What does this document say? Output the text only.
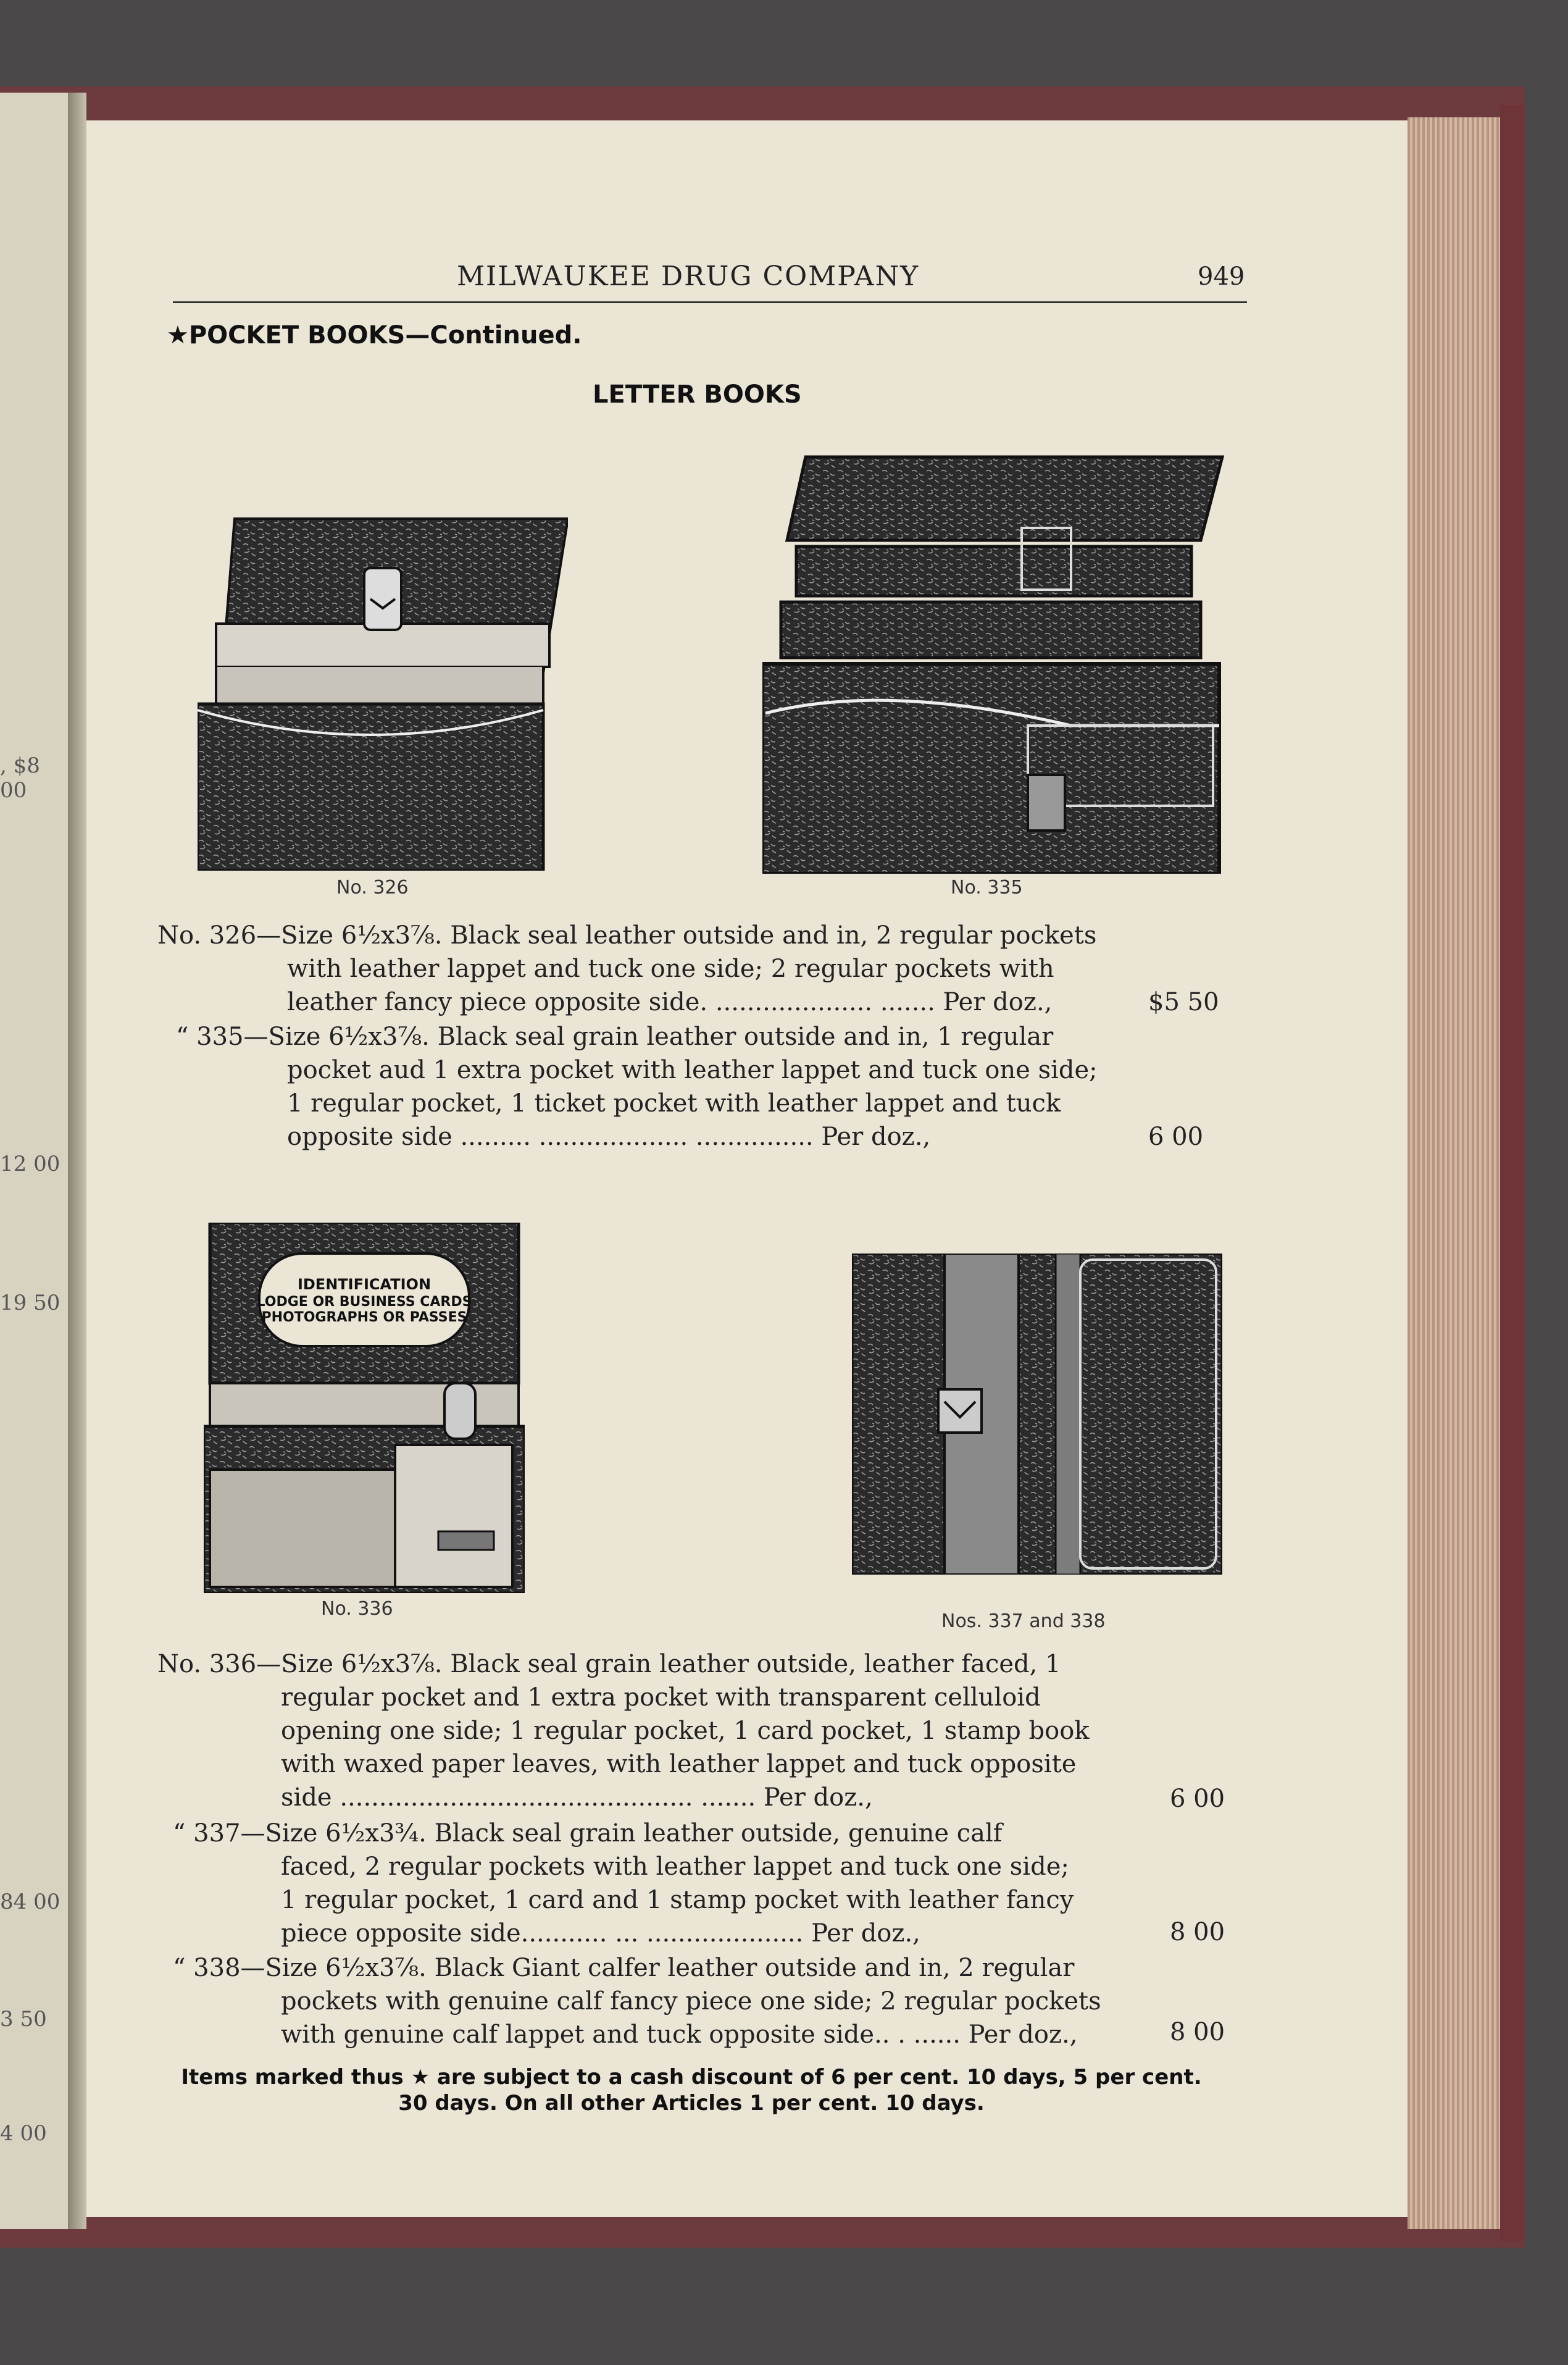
, $8 00
12 00
19 50
84 00
3 50
4 00
MILWAUKEE DRUG COMPANY	949
★POCKET BOOKS—Continued.
LETTER BOOKS
No. 326	No. 335
No. 326—Size 6½x3⅞. Black seal leather outside and in, 2 regular pockets
with leather lappet and tuck one side; 2 regular pockets with
leather fancy piece opposite side. .................... ....... Per doz.,	$5 50
“ 335—Size 6½x3⅞. Black seal grain leather outside and in, 1 regular
pocket aud 1 extra pocket with leather lappet and tuck one side;
1 regular pocket, 1 ticket pocket with leather lappet and tuck
opposite side ......... ................... ............... Per doz.,	6 00
IDENTIFICATION
LODGE OR BUSINESS CARDS
PHOTOGRAPHS OR PASSES
No. 336
Nos. 337 and 338
No. 336—Size 6½x3⅞. Black seal grain leather outside, leather faced, 1
regular pocket and 1 extra pocket with transparent celluloid
opening one side; 1 regular pocket, 1 card pocket, 1 stamp book
with waxed paper leaves, with leather lappet and tuck opposite
side ............................................. ....... Per doz.,	6 00
“ 337—Size 6½x3¾. Black seal grain leather outside, genuine calf
faced, 2 regular pockets with leather lappet and tuck one side;
1 regular pocket, 1 card and 1 stamp pocket with leather fancy
piece opposite side........... ... .................... Per doz.,	8 00
“ 338—Size 6½x3⅞. Black Giant calfer leather outside and in, 2 regular
pockets with genuine calf fancy piece one side; 2 regular pockets
with genuine calf lappet and tuck opposite side.. . ...... Per doz.,	8 00
Items marked thus ★ are subject to a cash discount of 6 per cent. 10 days, 5 per cent.
30 days. On all other Articles 1 per cent. 10 days.
